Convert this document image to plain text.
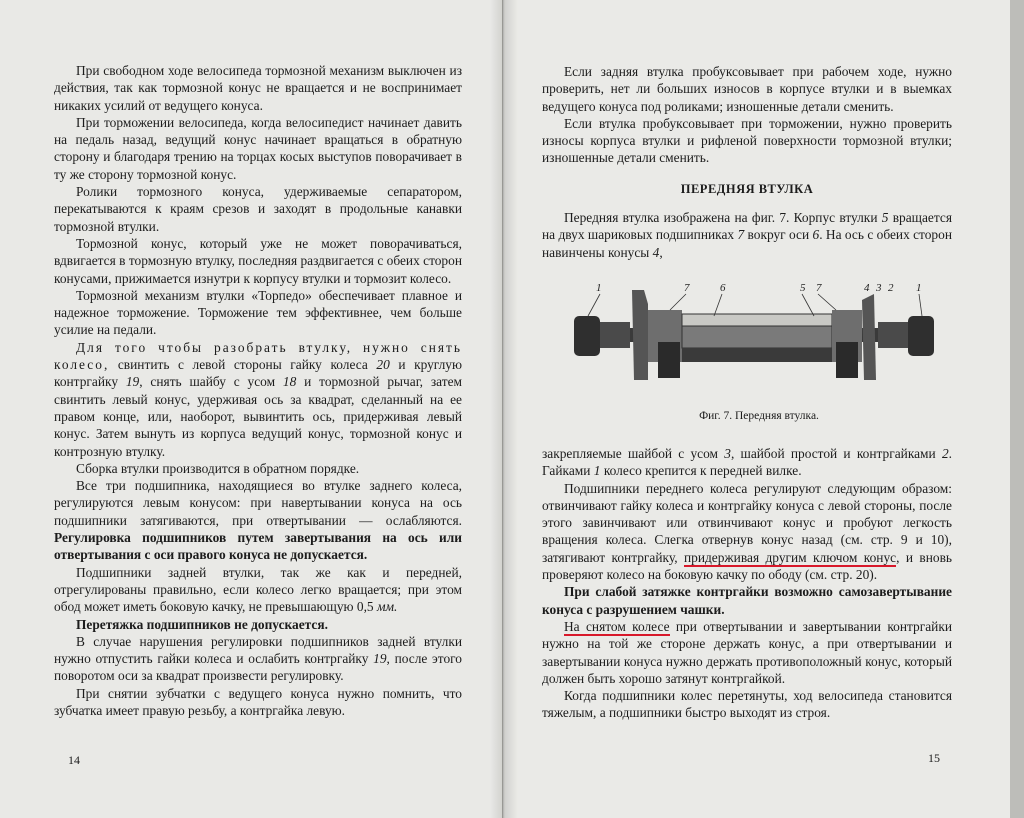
При свободном ходе велосипеда тормозной механизм выключен из действия, так как тормозной конус не вращается и не воспринимает никаких усилий от ведущего конуса.

При торможении велосипеда, когда велосипедист начинает давить на педаль назад, ведущий конус начинает вращаться в обратную сторону и благодаря трению на торцах косых выступов поворачивает в ту же сторону тормозной конус.

Ролики тормозного конуса, удерживаемые сепаратором, перекатываются к краям срезов и заходят в продольные канавки тормозной втулки.

Тормозной конус, который уже не может поворачиваться, вдвигается в тормозную втулку, последняя раздвигается с обеих сторон конусами, прижимается изнутри к корпусу втулки и тормозит колесо.

Тормозной механизм втулки «Торпедо» обеспечивает плавное и надежное торможение. Торможение тем эффективнее, чем больше усилие на педали.

Для того чтобы разобрать втулку, нужно снять колесо, свинтить с левой стороны гайку колеса 20 и круглую контргайку 19, снять шайбу с усом 18 и тормозной рычаг, затем свинтить левый конус, удерживая ось за квадрат, сделанный на ее правом конце, или, наоборот, вывинтить ось, придерживая левый конус. Затем вынуть из корпуса ведущий конус, тормозной конус и контрозную втулку.

Сборка втулки производится в обратном порядке.

Все три подшипника, находящиеся во втулке заднего колеса, регулируются левым конусом: при навертывании конуса на ось подшипники затягиваются, при отвертывании — ослабляются. Регулировка подшипников путем завертывания на ось или отвертывания с оси правого конуса не допускается.

Подшипники задней втулки, так же как и передней, отрегулированы правильно, если колесо легко вращается; при этом обод может иметь боковую качку, не превышающую 0,5 мм.

Перетяжка подшипников не допускается.

В случае нарушения регулировки подшипников задней втулки нужно отпустить гайки колеса и ослабить контргайку 19, после этого поворотом оси за квадрат произвести регулировку.

При снятии зубчатки с ведущего конуса нужно помнить, что зубчатка имеет правую резьбу, а контргайка левую.

14

Если задняя втулка пробуксовывает при рабочем ходе, нужно проверить, нет ли больших износов в корпусе втулки и в выемках ведущего конуса под роликами; изношенные детали сменить.

Если втулка пробуксовывает при торможении, нужно проверить износы корпуса втулки и рифленой поверхности тормозной втулки; изношенные детали сменить.

ПЕРЕДНЯЯ ВТУЛКА

Передняя втулка изображена на фиг. 7. Корпус втулки 5 вращается на двух шариковых подшипниках 7 вокруг оси 6. На ось с обеих сторон навинчены конусы 4,

1	7	6	5 7	4 3 2 1
Фиг. 7. Передняя втулка.

закрепляемые шайбой с усом 3, шайбой простой и контргайками 2. Гайками 1 колесо крепится к передней вилке.

Подшипники переднего колеса регулируют следующим образом: отвинчивают гайку колеса и контргайку конуса с левой стороны, после этого завинчивают или отвинчивают конус и пробуют легкость вращения колеса. Слегка отвернув конус назад (см. стр. 9 и 10), затягивают контргайку, придерживая другим ключом конус, и вновь проверяют колесо на боковую качку по ободу (см. стр. 20).

При слабой затяжке контргайки возможно самозавертывание конуса с разрушением чашки.

На снятом колесе при отвертывании и завертывании контргайки нужно на той же стороне держать конус, а при отвертывании и завертывании конуса нужно держать противоположный конус, который должен быть хорошо затянут контргайкой.

Когда подшипники колес перетянуты, ход велосипеда становится тяжелым, а подшипники быстро выходят из строя.

15
